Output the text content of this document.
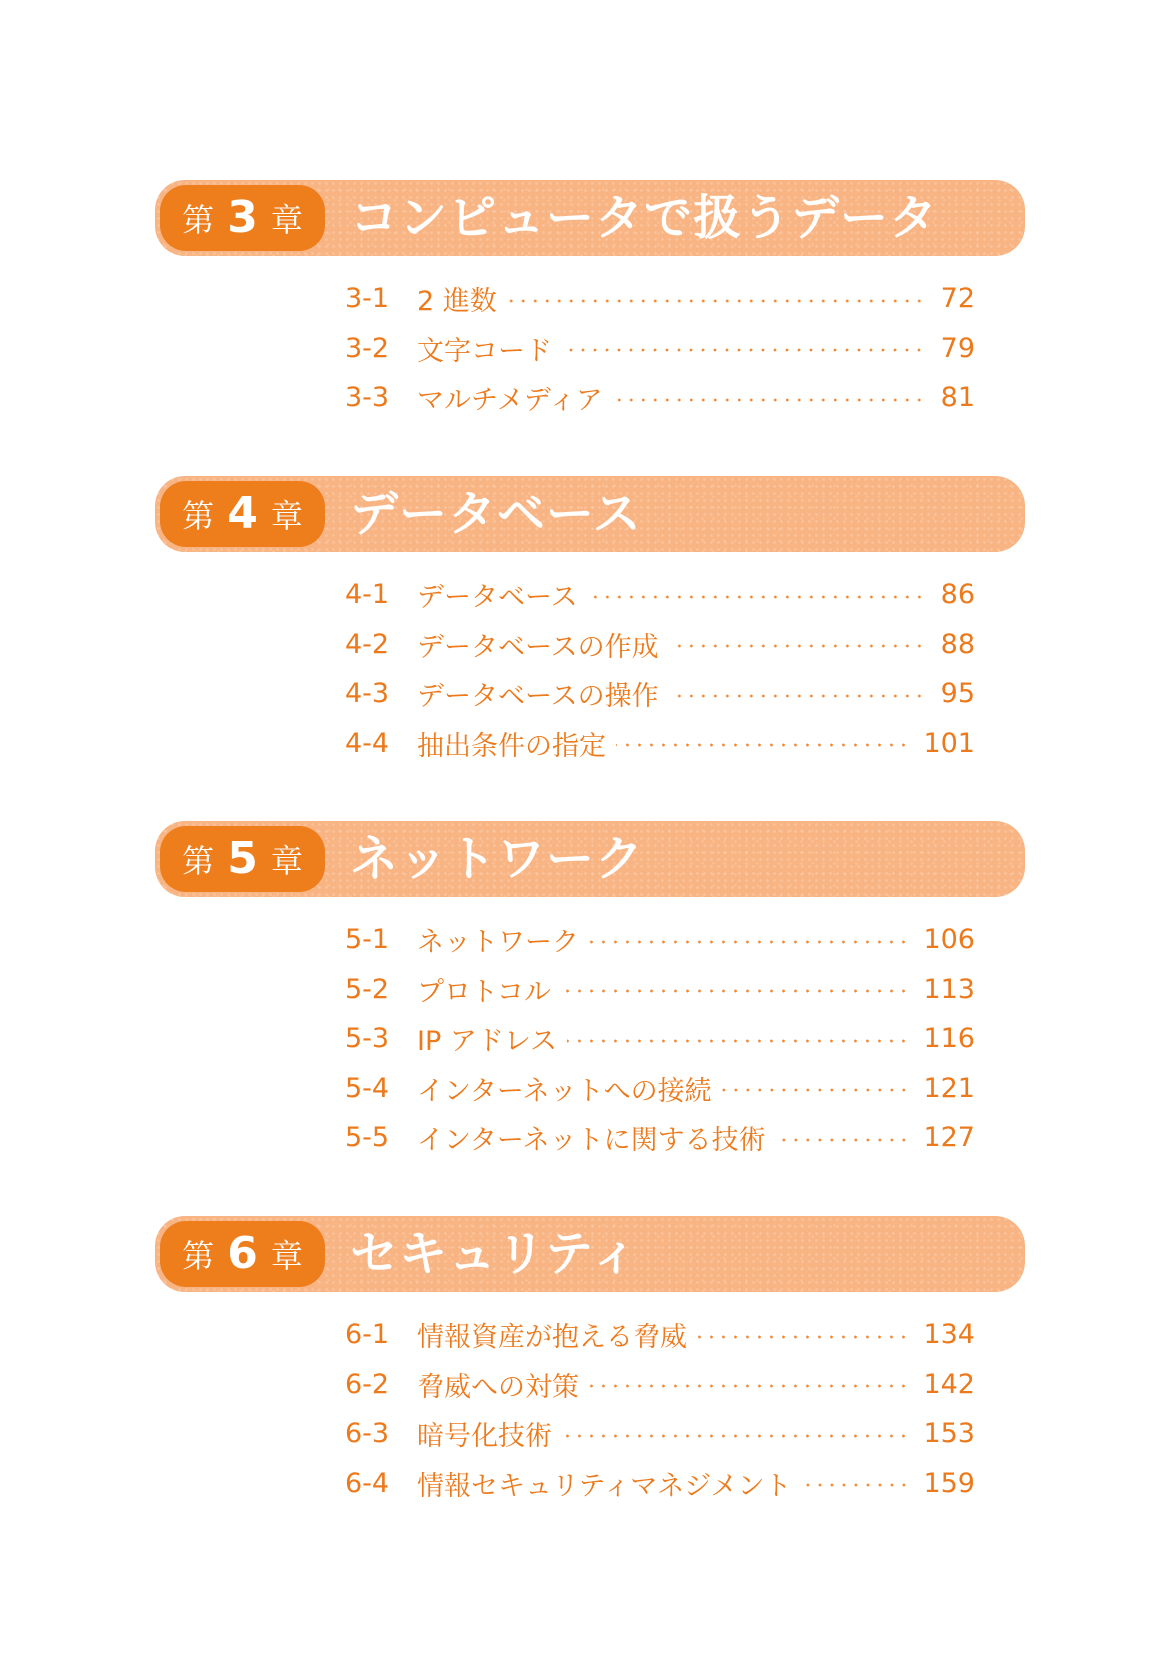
第 3 章 コンピュータで扱うデータ
3-1	2 進数	72
3-2	文字コード	79
3-3	マルチメディア	81
第 4 章 データベース
4-1	データベース	86
4-2	データベースの作成	88
4-3	データベースの操作	95
4-4	抽出条件の指定	101
第 5 章 ネットワーク
5-1	ネットワーク	106
5-2	プロトコル	113
5-3	IP アドレス	116
5-4	インターネットへの接続	121
5-5	インターネットに関する技術	127
第 6 章 セキュリティ
6-1	情報資産が抱える脅威	134
6-2	脅威への対策	142
6-3	暗号化技術	153
6-4	情報セキュリティマネジメント	159
